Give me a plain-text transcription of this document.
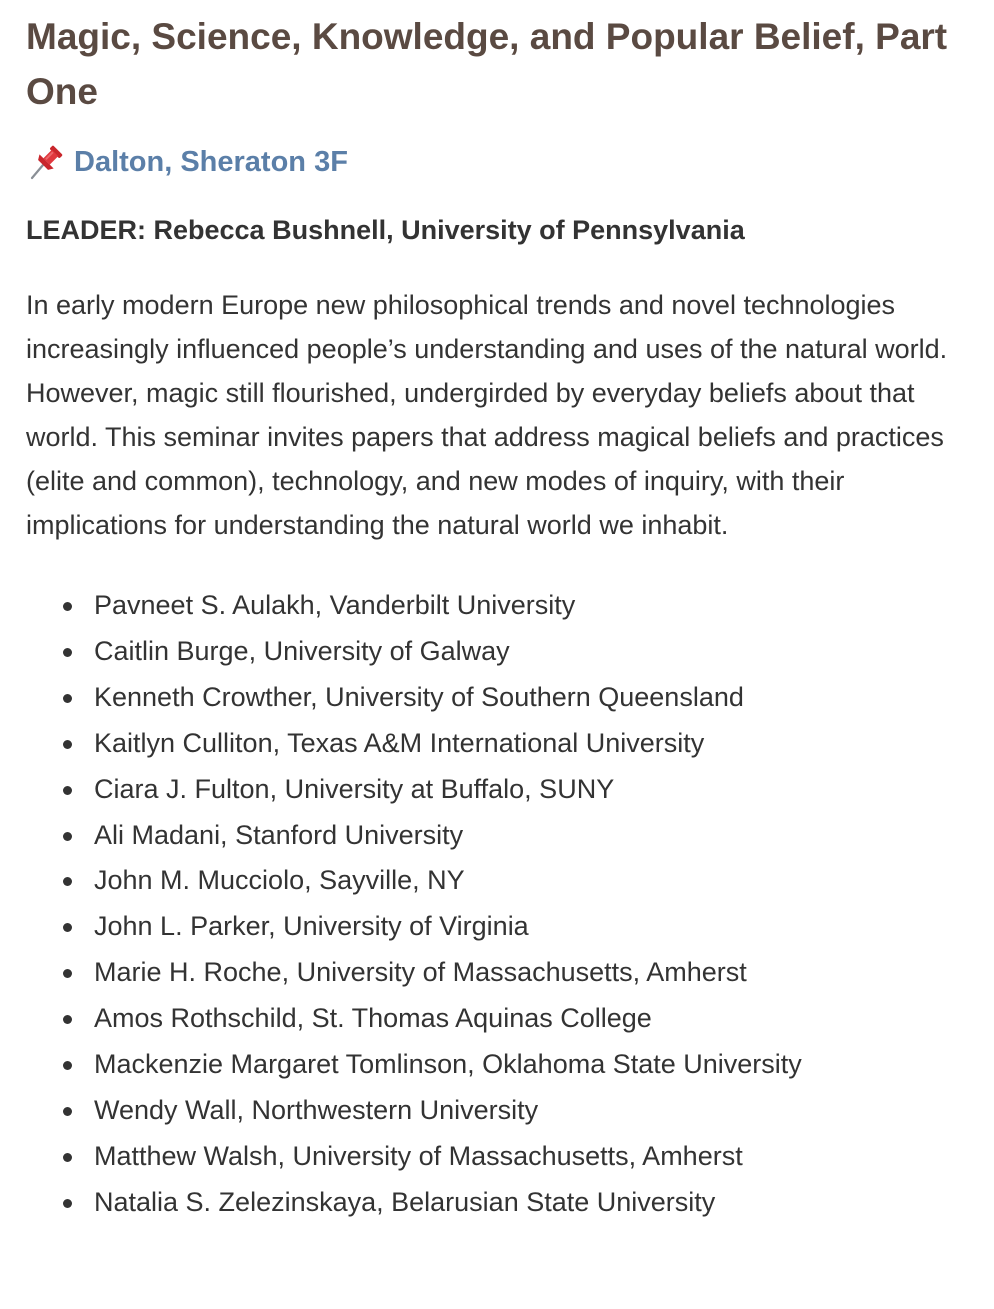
Magic, Science, Knowledge, and Popular Belief, Part One
Dalton, Sheraton 3F
LEADER: Rebecca Bushnell, University of Pennsylvania

In early modern Europe new philosophical trends and novel technologies increasingly influenced people’s understanding and uses of the natural world. However, magic still flourished, undergirded by everyday beliefs about that world. This seminar invites papers that address magical beliefs and practices (elite and common), technology, and new modes of inquiry, with their implications for understanding the natural world we inhabit.

Pavneet S. Aulakh, Vanderbilt University
Caitlin Burge, University of Galway
Kenneth Crowther, University of Southern Queensland
Kaitlyn Culliton, Texas A&M International University
Ciara J. Fulton, University at Buffalo, SUNY
Ali Madani, Stanford University
John M. Mucciolo, Sayville, NY
John L. Parker, University of Virginia
Marie H. Roche, University of Massachusetts, Amherst
Amos Rothschild, St. Thomas Aquinas College
Mackenzie Margaret Tomlinson, Oklahoma State University
Wendy Wall, Northwestern University
Matthew Walsh, University of Massachusetts, Amherst
Natalia S. Zelezinskaya, Belarusian State University
